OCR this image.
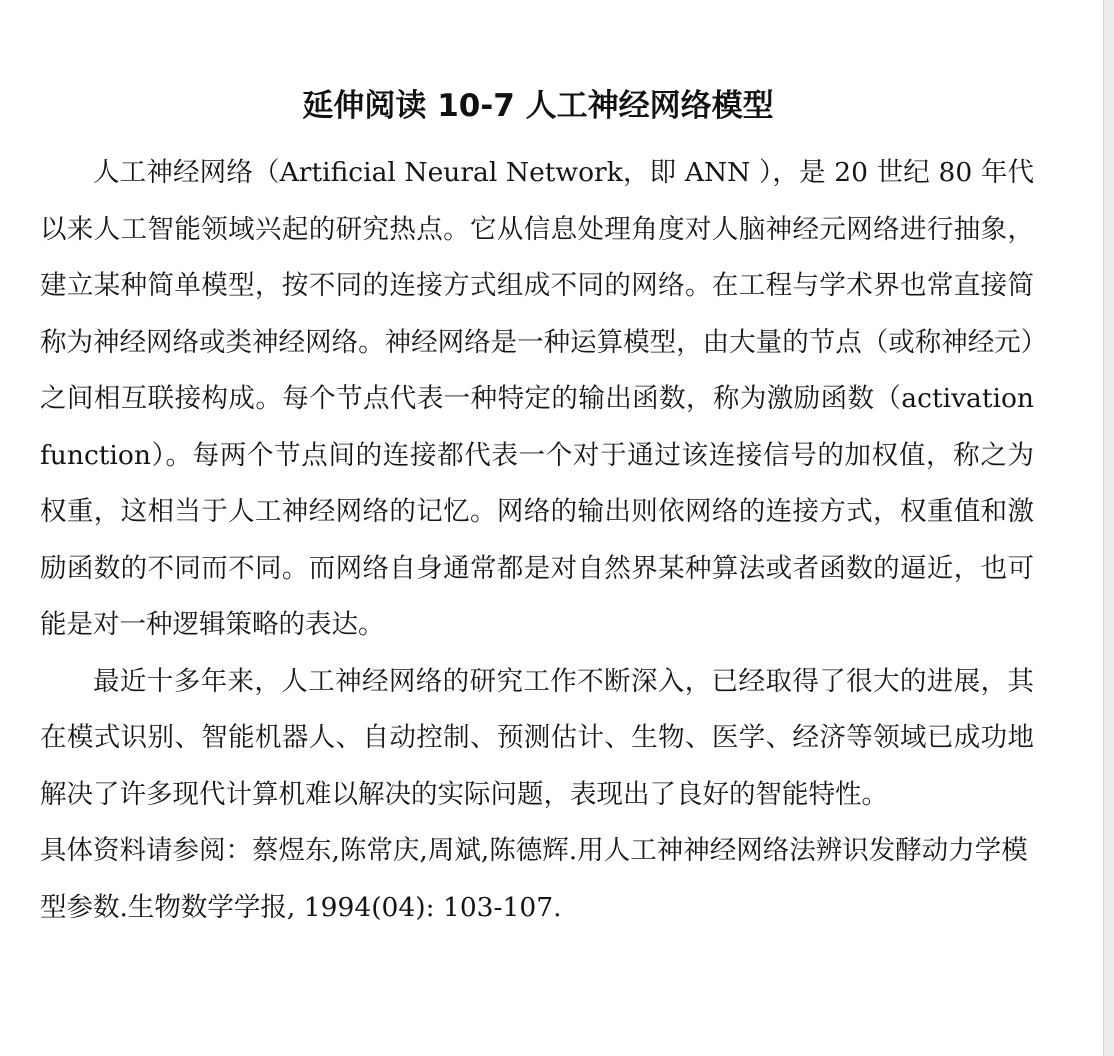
延伸阅读 10-7 人工神经网络模型

人工神经网络（Artificial Neural Network，即 ANN ），是 20 世纪 80 年代以来人工智能领域兴起的研究热点。它从信息处理角度对人脑神经元网络进行抽象， 建立某种简单模型，按不同的连接方式组成不同的网络。在工程与学术界也常直接简称为神经网络或类神经网络。神经网络是一种运算模型，由大量的节点（或称神经元）之间相互联接构成。每个节点代表一种特定的输出函数，称为激励函数（activation function）。每两个节点间的连接都代表一个对于通过该连接信号的加权值，称之为权重，这相当于人工神经网络的记忆。网络的输出则依网络的连接方式，权重值和激励函数的不同而不同。而网络自身通常都是对自然界某种算法或者函数的逼近，也可能是对一种逻辑策略的表达。

最近十多年来，人工神经网络的研究工作不断深入，已经取得了很大的进展，其在模式识别、智能机器人、自动控制、预测估计、生物、医学、经济等领域已成功地解决了许多现代计算机难以解决的实际问题，表现出了良好的智能特性。

具体资料请参阅：蔡煜东,陈常庆,周斌,陈德辉.用人工神神经网络法辨识发酵动力学模型参数.生物数学学报, 1994(04): 103-107.
